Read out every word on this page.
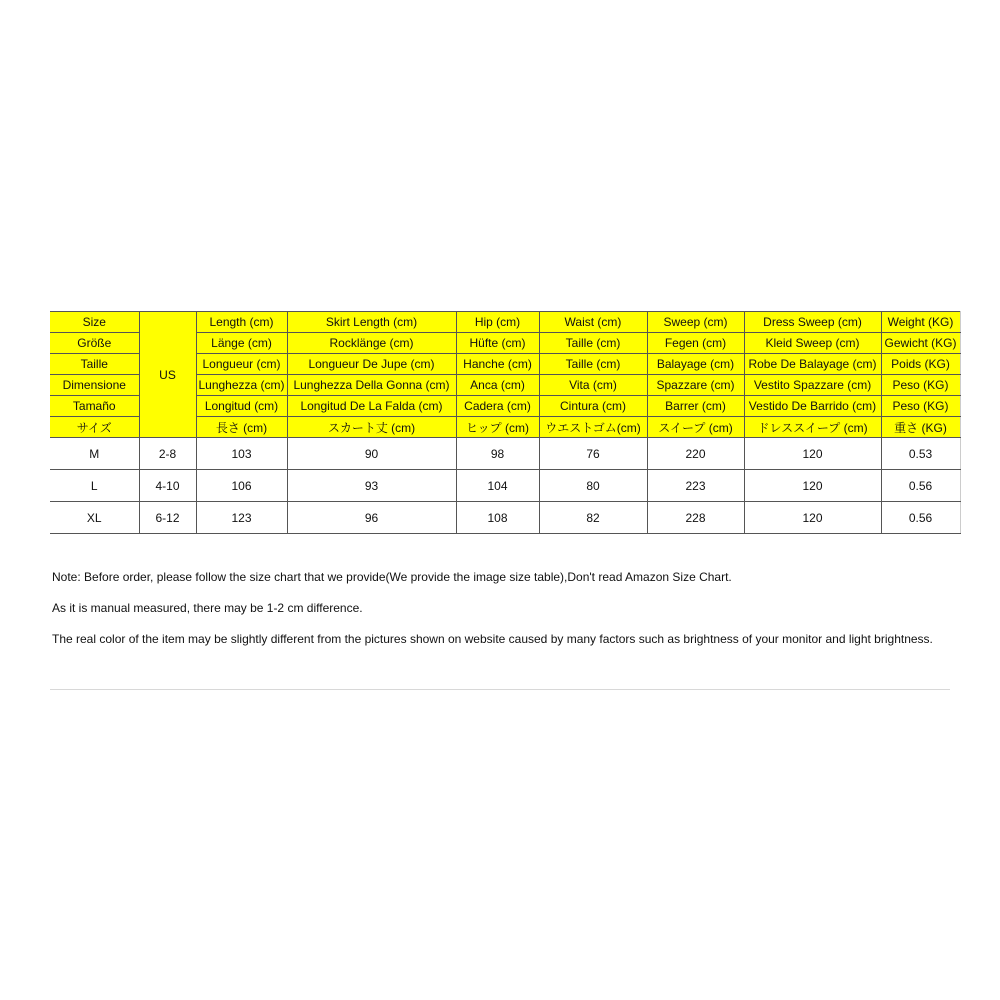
Size	US	Length (cm)	Skirt Length (cm)	Hip (cm)	Waist (cm)	Sweep (cm)	Dress Sweep (cm)	Weight (KG)
Größe		Länge (cm)	Rocklänge (cm)	Hüfte (cm)	Taille (cm)	Fegen (cm)	Kleid Sweep (cm)	Gewicht (KG)
Taille		Longueur (cm)	Longueur De Jupe (cm)	Hanche (cm)	Taille (cm)	Balayage (cm)	Robe De Balayage (cm)	Poids (KG)
Dimensione		Lunghezza (cm)	Lunghezza Della Gonna (cm)	Anca (cm)	Vita (cm)	Spazzare (cm)	Vestito Spazzare (cm)	Peso (KG)
Tamaño		Longitud (cm)	Longitud De La Falda (cm)	Cadera (cm)	Cintura (cm)	Barrer (cm)	Vestido De Barrido (cm)	Peso (KG)
サイズ		長さ (cm)	スカート丈 (cm)	ヒップ (cm)	ウエストゴム(cm)	スイープ (cm)	ドレススイープ (cm)	重さ (KG)
M	2-8	103	90	98	76	220	120	0.53
L	4-10	106	93	104	80	223	120	0.56
XL	6-12	123	96	108	82	228	120	0.56

Note: Before order, please follow the size chart that we provide(We provide the image size table),Don't read Amazon Size Chart.

As it is manual measured, there may be 1-2 cm difference.

The real color of the item may be slightly different from the pictures shown on website caused by many factors such as brightness of your monitor and light brightness.
